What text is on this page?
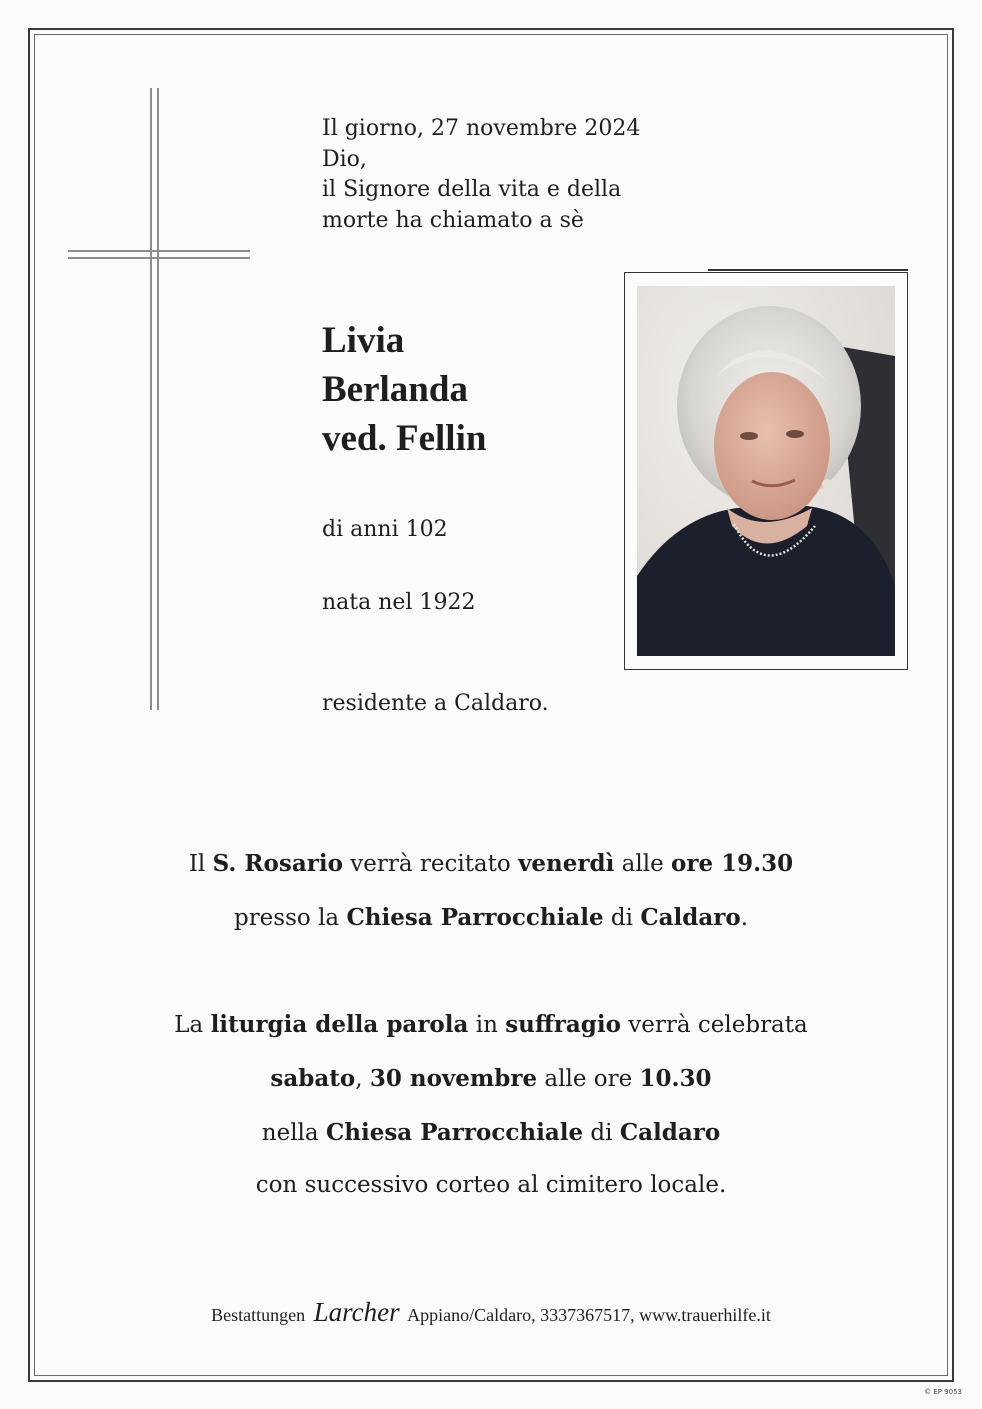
Il giorno, 27 novembre 2024
Dio,
il Signore della vita e della
morte ha chiamato a sè
Livia
Berlanda
ved. Fellin
di anni 102
nata nel 1922
residente a Caldaro.
Il S. Rosario verrà recitato venerdì alle ore 19.30
presso la Chiesa Parrocchiale di Caldaro.
La liturgia della parola in suffragio verrà celebrata
sabato, 30 novembre alle ore 10.30
nella Chiesa Parrocchiale di Caldaro
con successivo corteo al cimitero locale.
Bestattungen Larcher Appiano/Caldaro, 3337367517, www.trauerhilfe.it
© EP 9053
